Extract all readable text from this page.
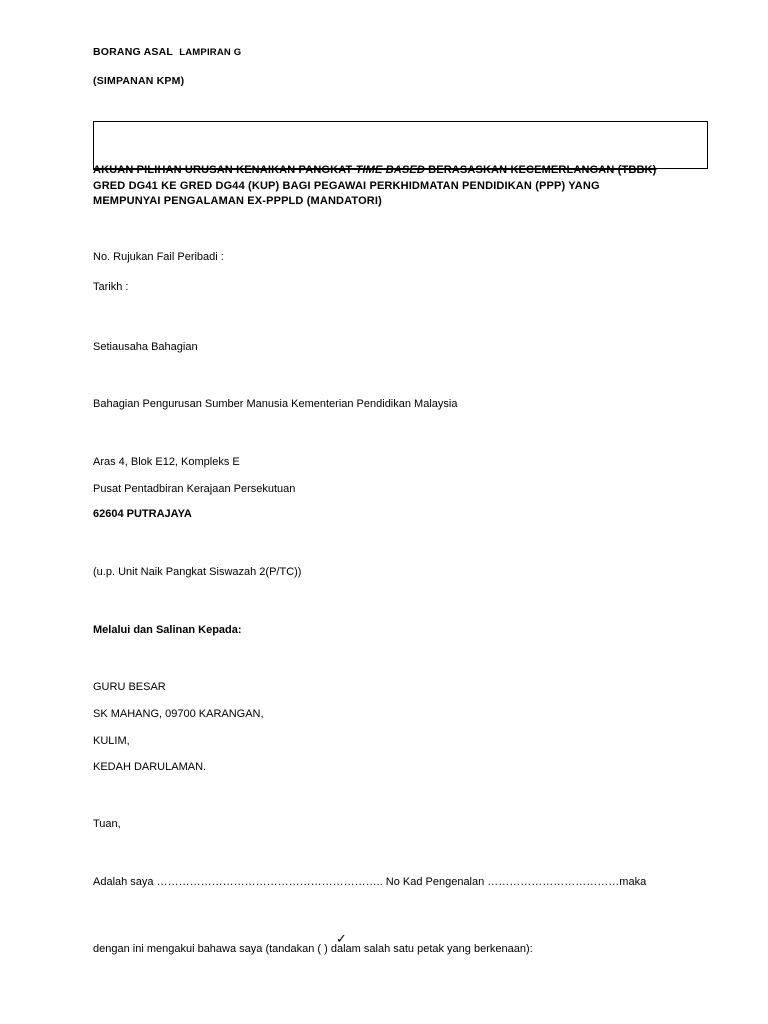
BORANG ASAL LAMPIRAN G
(SIMPANAN KPM)
AKUAN PILIHAN URUSAN KENAIKAN PANGKAT TIME BASED BERASASKAN KECEMERLANGAN (TBBK)
GRED DG41 KE GRED DG44 (KUP) BAGI PEGAWAI PERKHIDMATAN PENDIDIKAN (PPP) YANG
MEMPUNYAI PENGALAMAN EX-PPPLD (MANDATORI)
No. Rujukan Fail Peribadi :
Tarikh :
Setiausaha Bahagian
Bahagian Pengurusan Sumber Manusia Kementerian Pendidikan Malaysia
Aras 4, Blok E12, Kompleks E
Pusat Pentadbiran Kerajaan Persekutuan
62604 PUTRAJAYA
(u.p. Unit Naik Pangkat Siswazah 2(P/TC))
Melalui dan Salinan Kepada:
GURU BESAR
SK MAHANG, 09700 KARANGAN,
KULIM,
KEDAH DARULAMAN.
Tuan,
Adalah saya …………………………………………………….. No Kad Pengenalan ………………………………maka
✓
dengan ini mengakui bahawa saya (tandakan ( ) dalam salah satu petak yang berkenaan):
